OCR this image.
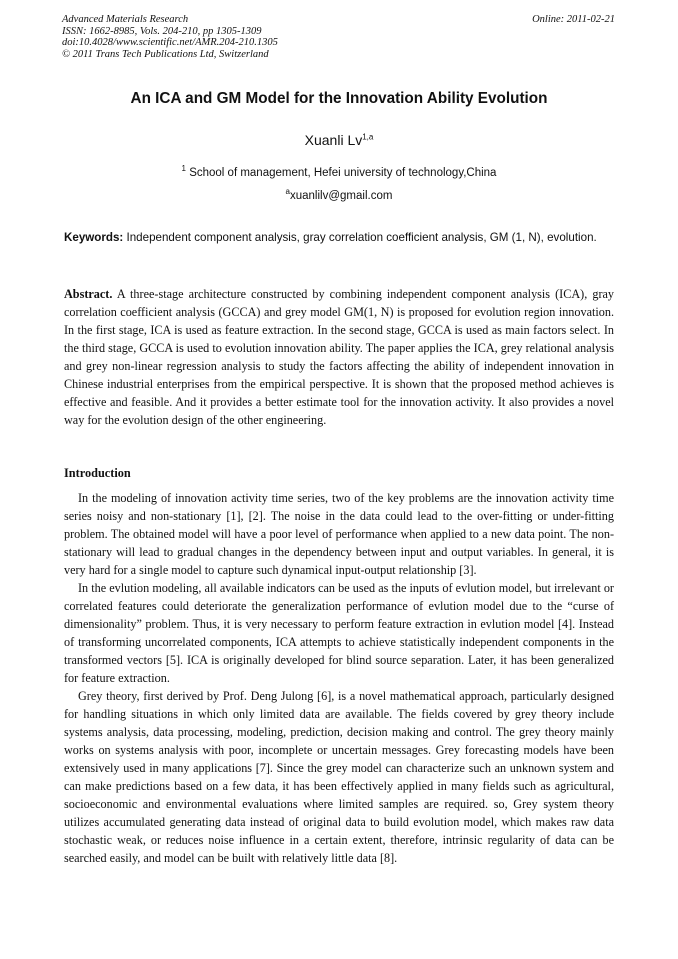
Advanced Materials Research
ISSN: 1662-8985, Vols. 204-210, pp 1305-1309
doi:10.4028/www.scientific.net/AMR.204-210.1305
© 2011 Trans Tech Publications Ltd, Switzerland
Online: 2011-02-21
An ICA and GM Model for the Innovation Ability Evolution
Xuanli Lv$^{1,a}$
$^1$ School of management, Hefei university of technology,China
$^a$xuanlilv@gmail.com
Keywords: Independent component analysis, gray correlation coefficient analysis, GM (1, N), evolution.

Abstract. A three-stage architecture constructed by combining independent component analysis (ICA), gray correlation coefficient analysis (GCCA) and grey model GM(1, N) is proposed for evolution region innovation. In the first stage, ICA is used as feature extraction. In the second stage, GCCA is used as main factors select. In the third stage, GCCA is used to evolution innovation ability. The paper applies the ICA, grey relational analysis and grey non-linear regression analysis to study the factors affecting the ability of independent innovation in Chinese industrial enterprises from the empirical perspective. It is shown that the proposed method achieves is effective and feasible. And it provides a better estimate tool for the innovation activity. It also provides a novel way for the evolution design of the other engineering.

Introduction

In the modeling of innovation activity time series, two of the key problems are the innovation activity time series noisy and non-stationary [1], [2]. The noise in the data could lead to the over-fitting or under-fitting problem. The obtained model will have a poor level of performance when applied to a new data point. The non-stationary will lead to gradual changes in the dependency between input and output variables. In general, it is very hard for a single model to capture such dynamical input-output relationship [3].

In the evlution modeling, all available indicators can be used as the inputs of evlution model, but irrelevant or correlated features could deteriorate the generalization performance of evlution model due to the “curse of dimensionality” problem. Thus, it is very necessary to perform feature extraction in evlution model [4]. Instead of transforming uncorrelated components, ICA attempts to achieve statistically independent components in the transformed vectors [5]. ICA is originally developed for blind source separation. Later, it has been generalized for feature extraction.

Grey theory, first derived by Prof. Deng Julong [6], is a novel mathematical approach, particularly designed for handling situations in which only limited data are available. The fields covered by grey theory include systems analysis, data processing, modeling, prediction, decision making and control. The grey theory mainly works on systems analysis with poor, incomplete or uncertain messages. Grey forecasting models have been extensively used in many applications [7]. Since the grey model can characterize such an unknown system and can make predictions based on a few data, it has been effectively applied in many fields such as agricultural, socioeconomic and environmental evaluations where limited samples are required. so, Grey system theory utilizes accumulated generating data instead of original data to build evolution model, which makes raw data stochastic weak, or reduces noise influence in a certain extent, therefore, intrinsic regularity of data can be searched easily, and model can be built with relatively little data [8].
